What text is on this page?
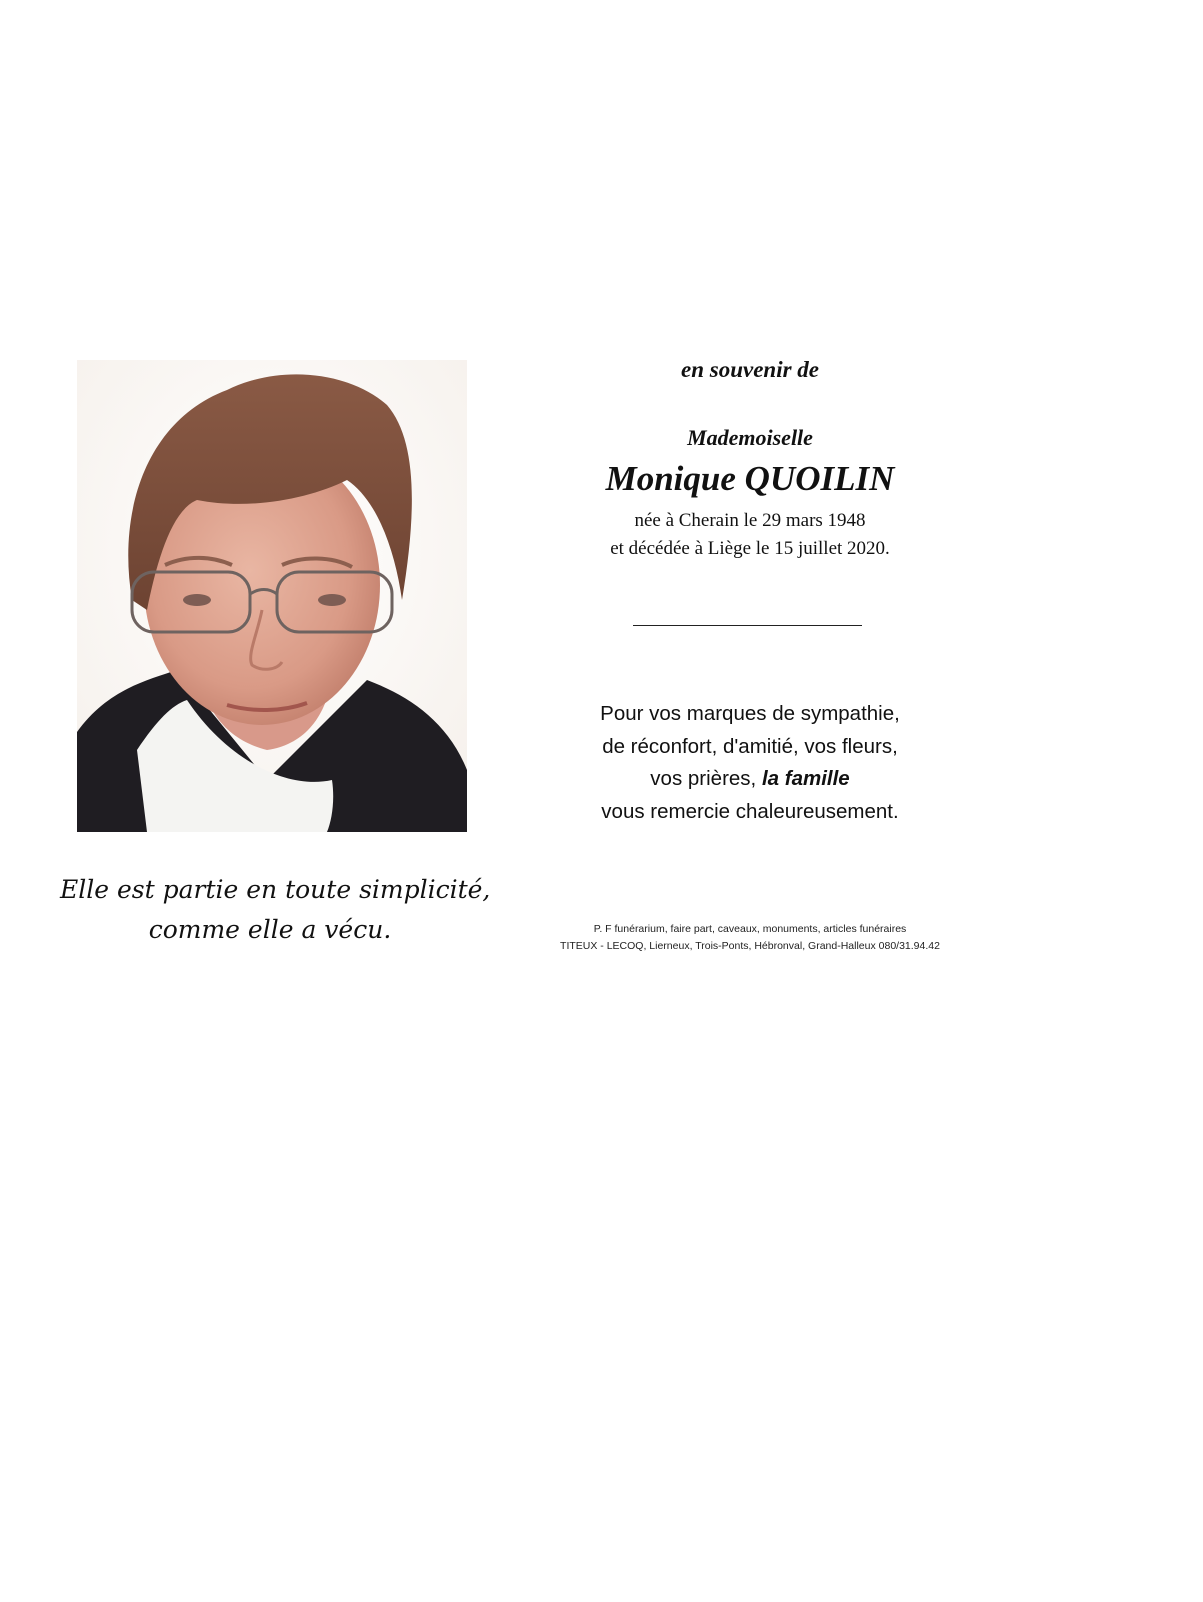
Elle est partie en toute simplicité,
comme elle a vécu.
en souvenir de
Mademoiselle
Monique QUOILIN
née à Cherain le 29 mars 1948
et décédée à Liège le 15 juillet 2020.
Pour vos marques de sympathie,
de réconfort, d'amitié, vos fleurs,
vos prières, la famille
vous remercie chaleureusement.
P. F funérarium, faire part, caveaux, monuments, articles funéraires
TITEUX - LECOQ, Lierneux, Trois-Ponts, Hébronval, Grand-Halleux 080/31.94.42
